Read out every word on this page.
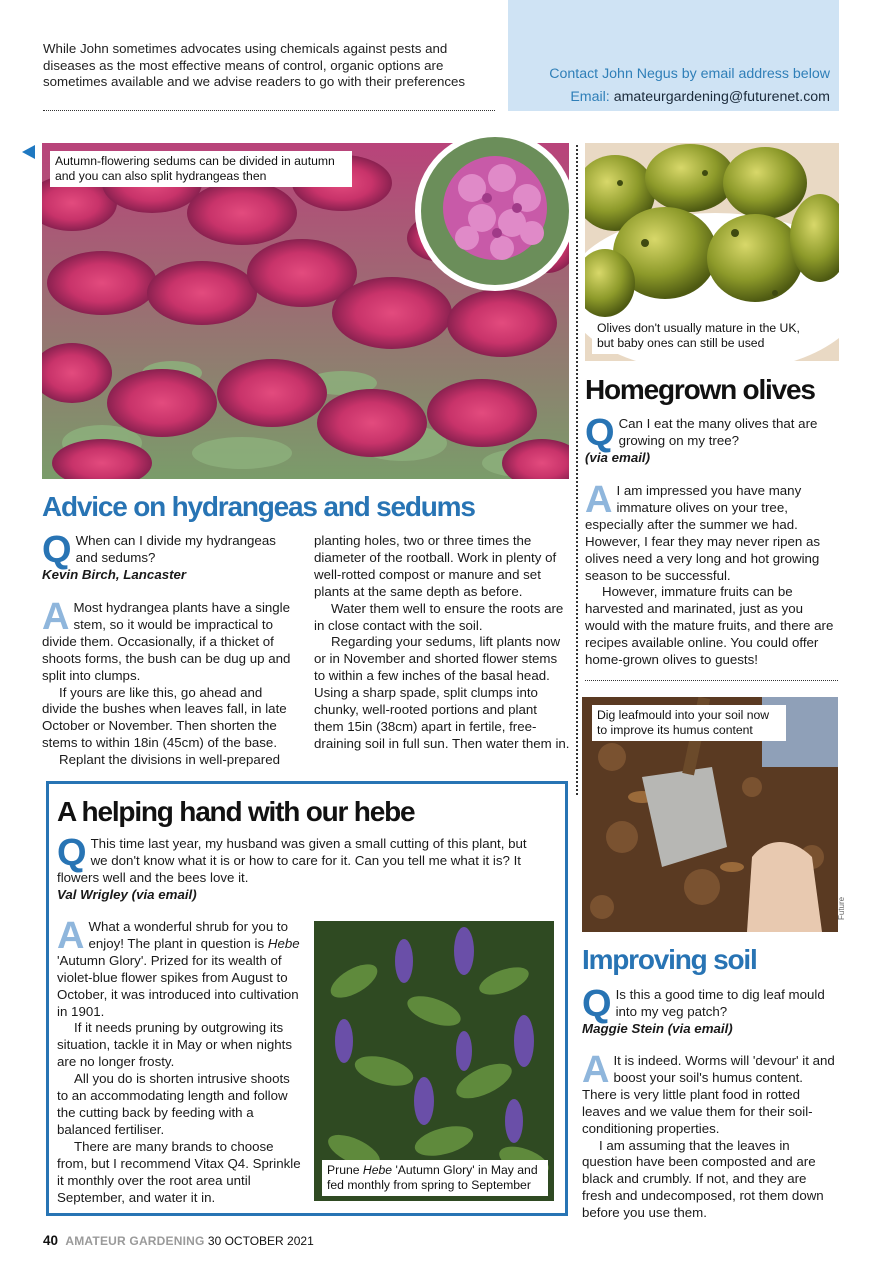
While John sometimes advocates using chemicals against pests and diseases as the most effective means of control, organic options are sometimes available and we advise readers to go with their preferences	Contact John Negus by email address below
Email: amateurgardening@futurenet.com
Autumn-flowering sedums can be divided in autumn and you can also split hydrangeas then
Olives don't usually mature in the UK, but baby ones can still be used
Homegrown olives
Q Can I eat the many olives that are growing on my tree?
(via email)
A I am impressed you have many immature olives on your tree, especially after the summer we had. However, I fear they may never ripen as olives need a very long and hot growing season to be successful.

However, immature fruits can be harvested and marinated, just as you would with the mature fruits, and there are recipes available online. You could offer home-grown olives to guests!

Advice on hydrangeas and sedums
Q When can I divide my hydrangeas and sedums?
Kevin Birch, Lancaster
A Most hydrangea plants have a single stem, so it would be impractical to divide them. Occasionally, if a thicket of shoots forms, the bush can be dug up and split into clumps.

If yours are like this, go ahead and divide the bushes when leaves fall, in late October or November. Then shorten the stems to within 18in (45cm) of the base.

Replant the divisions in well-prepared

planting holes, two or three times the diameter of the rootball. Work in plenty of well-rotted compost or manure and set plants at the same depth as before.

Water them well to ensure the roots are in close contact with the soil.

Regarding your sedums, lift plants now or in November and shorted flower stems to within a few inches of the basal head. Using a sharp spade, split clumps into chunky, well-rooted portions and plant them 15in (38cm) apart in fertile, free-draining soil in full sun. Then water them in.

A helping hand with our hebe
Q This time last year, my husband was given a small cutting of this plant, but we don't know what it is or how to care for it. Can you tell me what it is? It flowers well and the bees love it.
Val Wrigley (via email)
A What a wonderful shrub for you to enjoy! The plant in question is Hebe 'Autumn Glory'. Prized for its wealth of violet-blue flower spikes from August to October, it was introduced into cultivation in 1901.

If it needs pruning by outgrowing its situation, tackle it in May or when nights are no longer frosty.

All you do is shorten intrusive shoots to an accommodating length and follow the cutting back by feeding with a balanced fertiliser.

There are many brands to choose from, but I recommend Vitax Q4. Sprinkle it monthly over the root area until September, and water it in.

Prune Hebe 'Autumn Glory' in May and fed monthly from spring to September
Dig leafmould into your soil now to improve its humus content
Future
Improving soil
Q Is this a good time to dig leaf mould into my veg patch?
Maggie Stein (via email)
A It is indeed. Worms will 'devour' it and boost your soil's humus content. There is very little plant food in rotted leaves and we value them for their soil-conditioning properties.

I am assuming that the leaves in question have been composted and are black and crumbly. If not, and they are fresh and undecomposed, rot them down before you use them.

40 AMATEUR GARDENING 30 OCTOBER 2021
